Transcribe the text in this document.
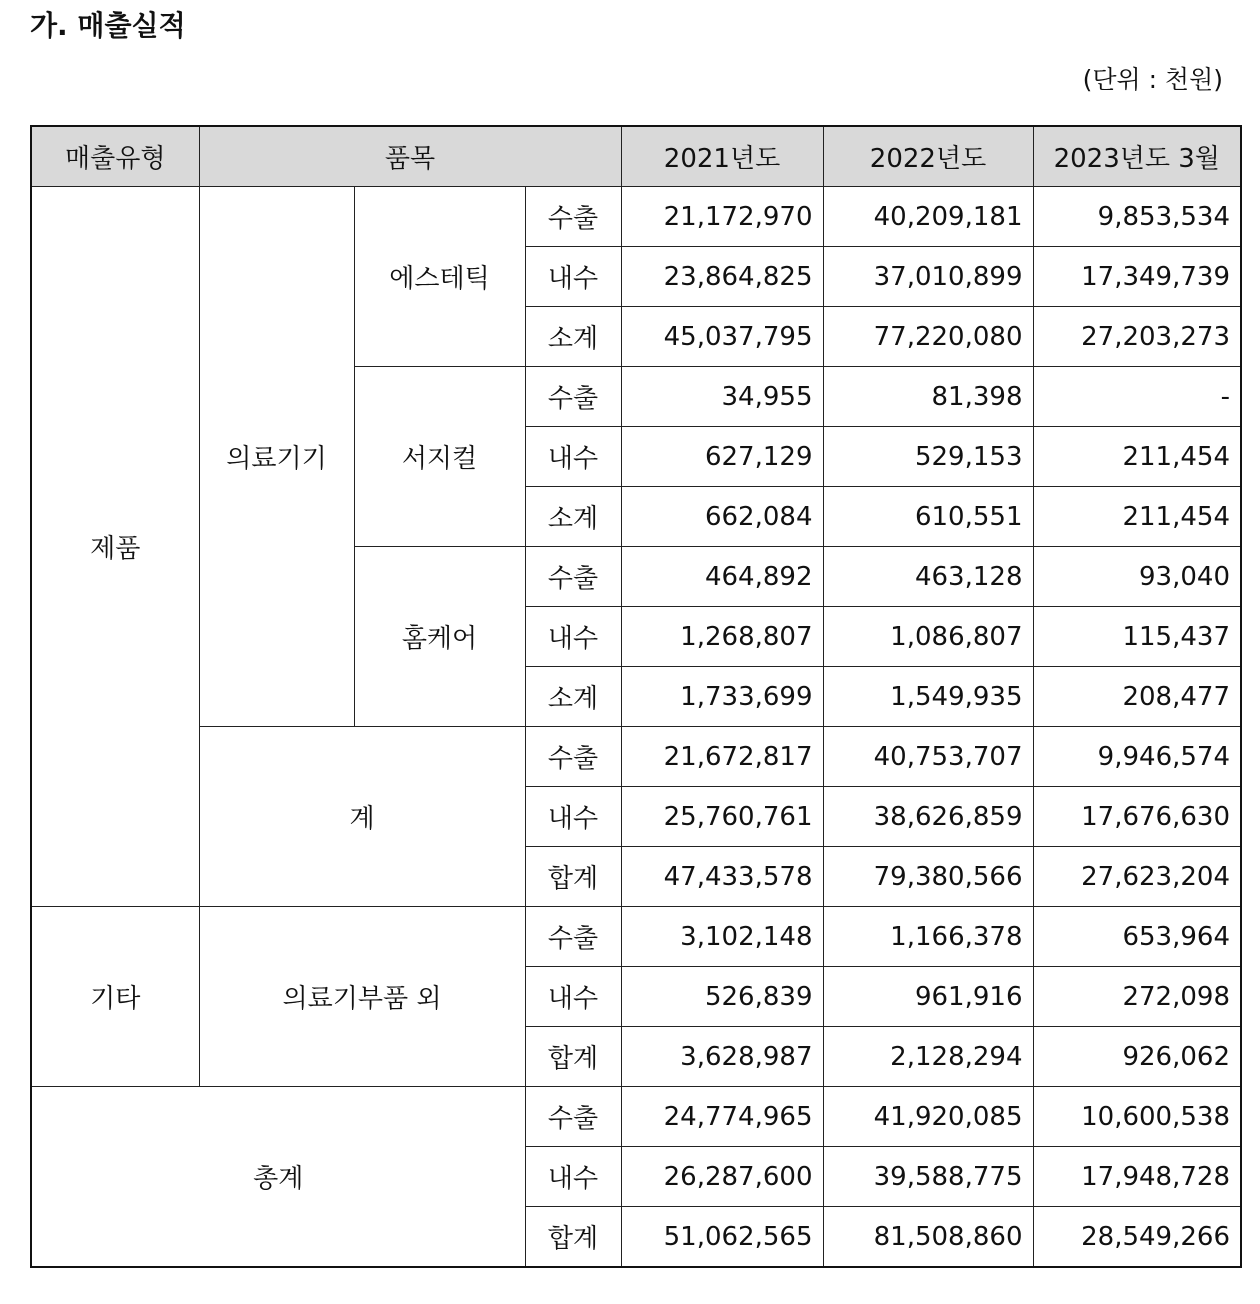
가. 매출실적
(단위 : 천원)
매출유형	품목			2021년도	2022년도	2023년도 3월
제품	의료기기	에스테틱	수출	21,172,970	40,209,181	9,853,534
			내수	23,864,825	37,010,899	17,349,739
			소계	45,037,795	77,220,080	27,203,273
		서지컬	수출	34,955	81,398	-
			내수	627,129	529,153	211,454
			소계	662,084	610,551	211,454
		홈케어	수출	464,892	463,128	93,040
			내수	1,268,807	1,086,807	115,437
			소계	1,733,699	1,549,935	208,477
	계		수출	21,672,817	40,753,707	9,946,574
			내수	25,760,761	38,626,859	17,676,630
			합계	47,433,578	79,380,566	27,623,204
기타	의료기부품 외		수출	3,102,148	1,166,378	653,964
			내수	526,839	961,916	272,098
			합계	3,628,987	2,128,294	926,062
총계			수출	24,774,965	41,920,085	10,600,538
			내수	26,287,600	39,588,775	17,948,728
			합계	51,062,565	81,508,860	28,549,266
